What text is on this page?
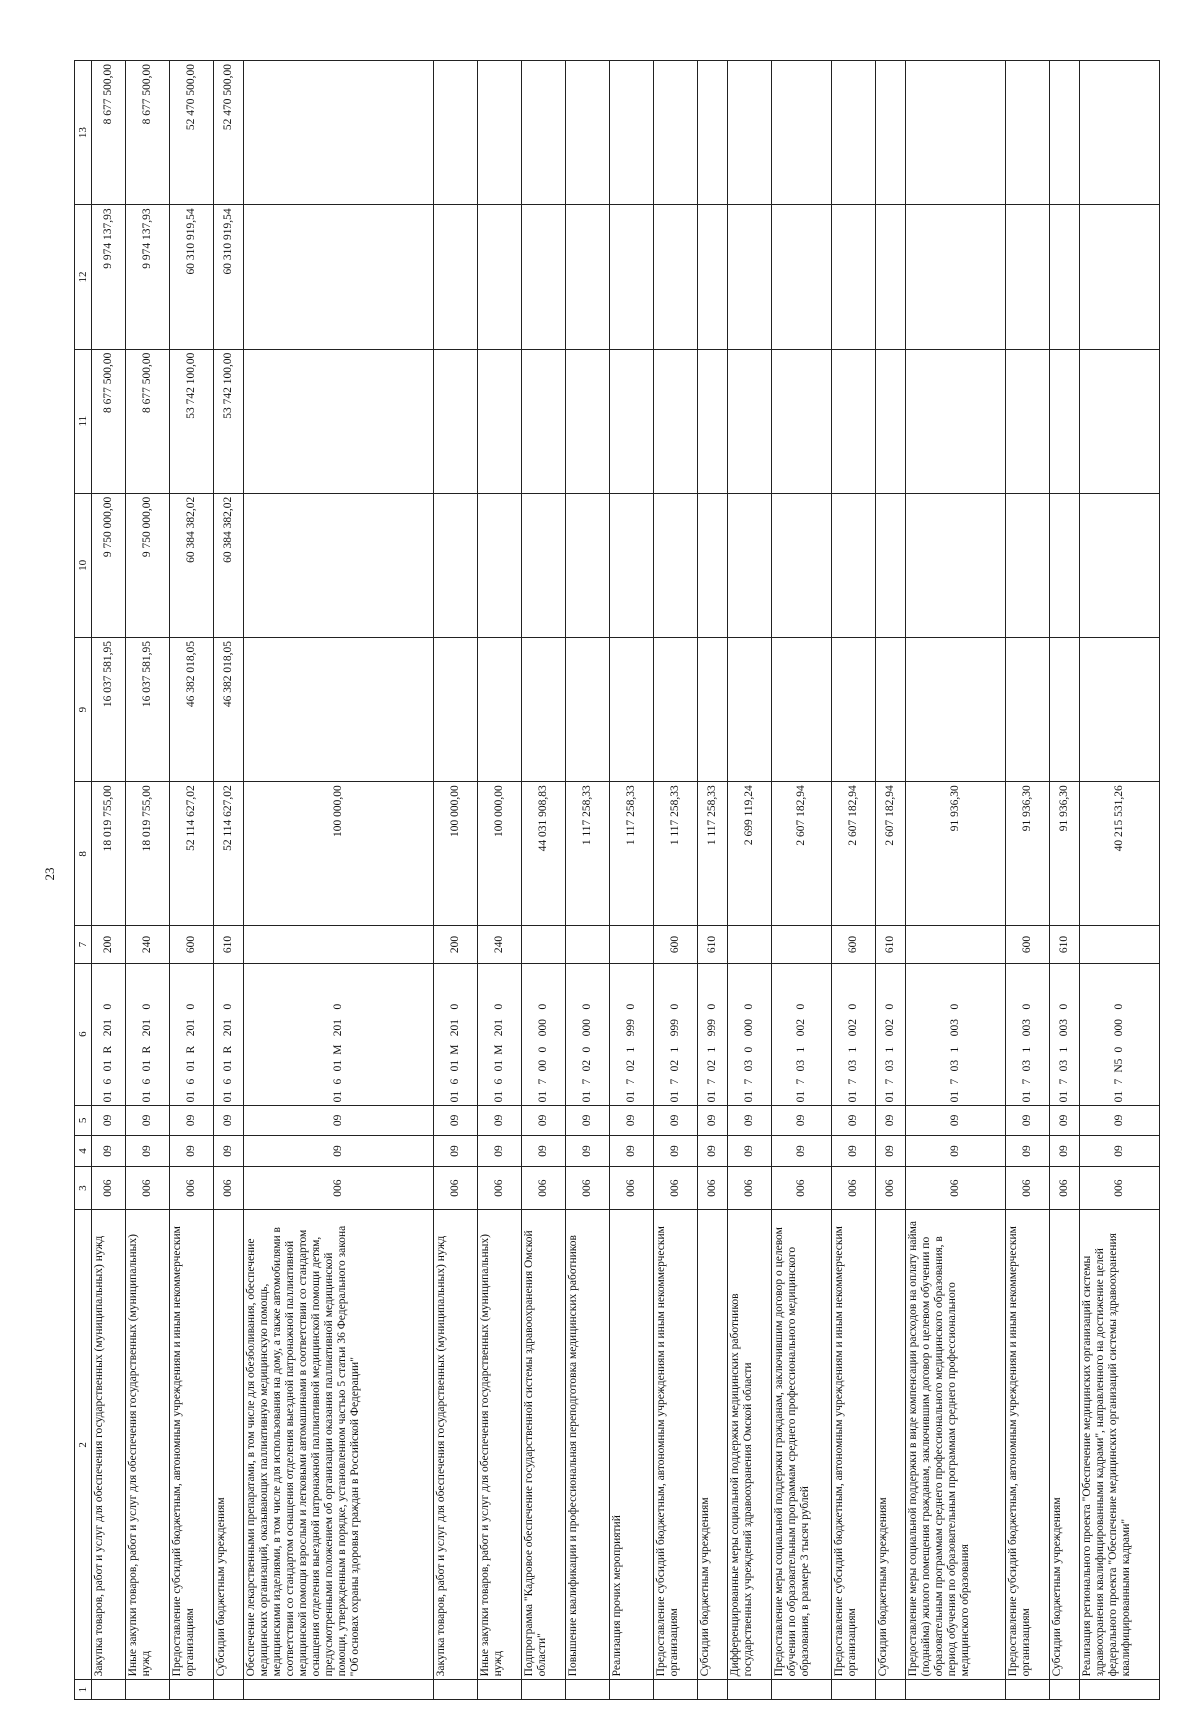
23
1	2	3	4	5	6	7	8	9	10	11	12	13
	Закупка товаров, работ и услуг для обеспечения государственных (муниципальных) нужд	006	09	09	01601R2010	200	18 019 755,00	16 037 581,95	9 750 000,00	8 677 500,00	9 974 137,93	8 677 500,00
	Иные закупки товаров, работ и услуг для обеспечения государственных (муниципальных) нужд	006	09	09	01601R2010	240	18 019 755,00	16 037 581,95	9 750 000,00	8 677 500,00	9 974 137,93	8 677 500,00
	Предоставление субсидий бюджетным, автономным учреждениям и иным некоммерческим организациям	006	09	09	01601R2010	600	52 114 627,02	46 382 018,05	60 384 382,02	53 742 100,00	60 310 919,54	52 470 500,00
	Субсидии бюджетным учреждениям	006	09	09	01601R2010	610	52 114 627,02	46 382 018,05	60 384 382,02	53 742 100,00	60 310 919,54	52 470 500,00
	Обеспечение лекарственными препаратами, в том числе для обезболивания, обеспечение медицинских организаций, оказывающих паллиативную медицинскую помощь, медицинскими изделиями, в том числе для использования на дому, а также автомобилями в соответствии со стандартом оснащения отделения выездной патронажной паллиативной медицинской помощи взрослым и легковыми автомашинами в соответствии со стандартом оснащения отделения выездной патронажной паллиативной медицинской помощи детям, предусмотренными положением об организации оказания паллиативной медицинской помощи, утвержденным в порядке, установленном частью 5 статьи 36 Федерального закона "Об основах охраны здоровья граждан в Российской Федерации"	006	09	09	01601M2010		100 000,00					
	Закупка товаров, работ и услуг для обеспечения государственных (муниципальных) нужд	006	09	09	01601M2010	200	100 000,00					
	Иные закупки товаров, работ и услуг для обеспечения государственных (муниципальных) нужд	006	09	09	01601M2010	240	100 000,00					
	Подпрограмма "Кадровое обеспечение государственной системы здравоохранения Омской области"	006	09	09	0170000000		44 031 908,83					
	Повышение квалификации и профессиональная переподготовка медицинских работников	006	09	09	0170200000		1 117 258,33					
	Реализация прочих мероприятий	006	09	09	0170219990		1 117 258,33					
	Предоставление субсидий бюджетным, автономным учреждениям и иным некоммерческим организациям	006	09	09	0170219990	600	1 117 258,33					
	Субсидии бюджетным учреждениям	006	09	09	0170219990	610	1 117 258,33					
	Дифференцированные меры социальной поддержки медицинских работников государственных учреждений здравоохранения Омской области	006	09	09	0170300000		2 699 119,24					
	Предоставление меры социальной поддержки гражданам, заключившим договор о целевом обучении по образовательным программам среднего профессионального медицинского образования, в размере 3 тысяч рублей	006	09	09	0170310020		2 607 182,94					
	Предоставление субсидий бюджетным, автономным учреждениям и иным некоммерческим организациям	006	09	09	0170310020	600	2 607 182,94					
	Субсидии бюджетным учреждениям	006	09	09	0170310020	610	2 607 182,94					
	Предоставление меры социальной поддержки в виде компенсации расходов на оплату найма (поднайма) жилого помещения гражданам, заключившим договор о целевом обучении по образовательным программам среднего профессионального медицинского образования, в период обучения по образовательным программам среднего профессионального медицинского образования	006	09	09	0170310030		91 936,30					
	Предоставление субсидий бюджетным, автономным учреждениям и иным некоммерческим организациям	006	09	09	0170310030	600	91 936,30					
	Субсидии бюджетным учреждениям	006	09	09	0170310030	610	91 936,30					
	Реализация регионального проекта "Обеспечение медицинских организаций системы здравоохранения квалифицированными кадрами", направленного на достижение целей федерального проекта "Обеспечение медицинских организаций системы здравоохранения квалифицированными кадрами"	006	09	09	017N500000		40 215 531,26					
